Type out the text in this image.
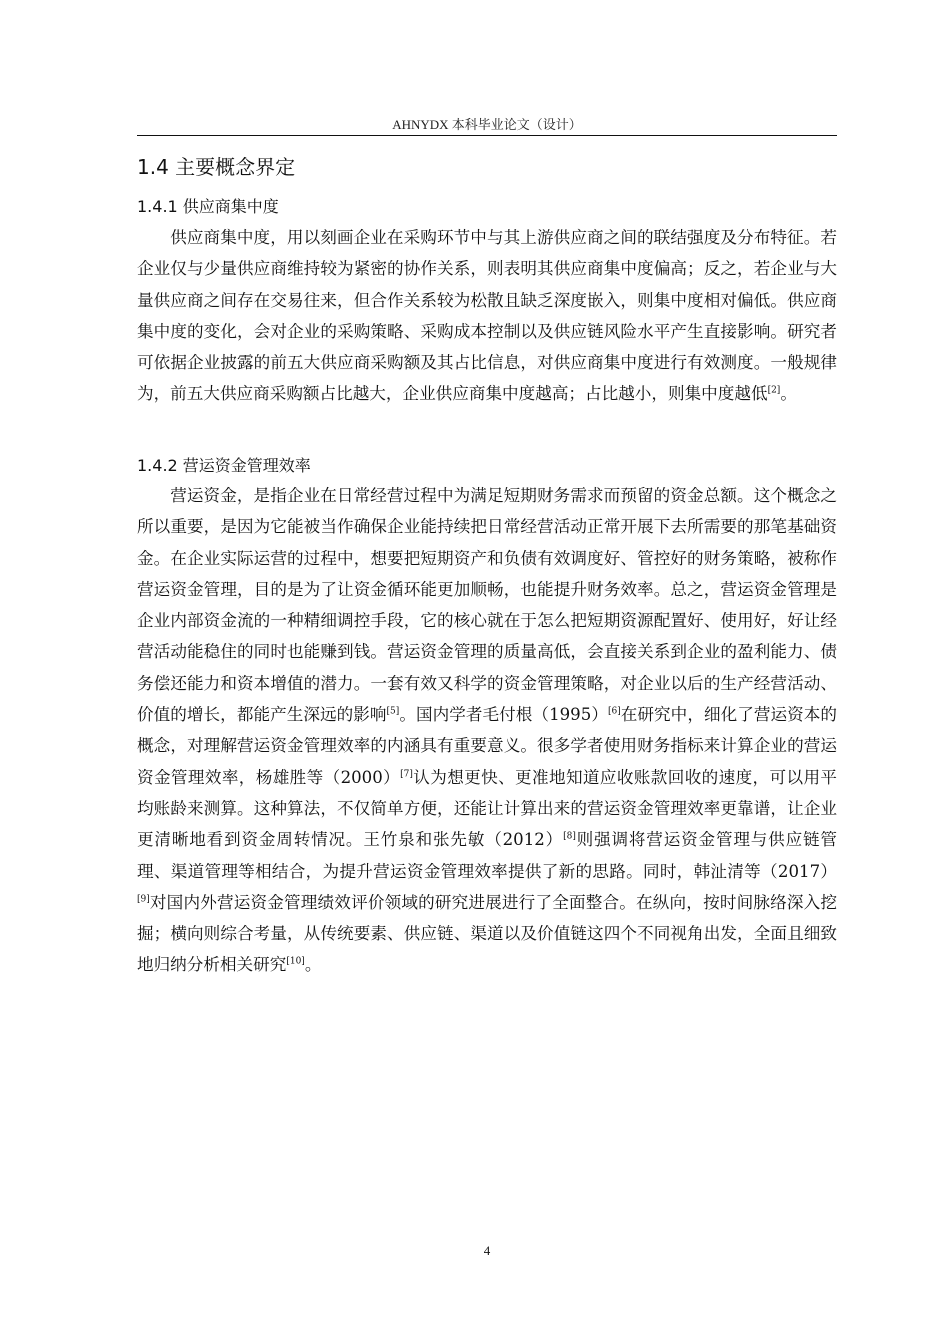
AHNYDX 本科毕业论文（设计）
1.4 主要概念界定
1.4.1 供应商集中度

供应商集中度，用以刻画企业在采购环节中与其上游供应商之间的联结强度及分布特征。若企业仅与少量供应商维持较为紧密的协作关系，则表明其供应商集中度偏高；反之，若企业与大量供应商之间存在交易往来，但合作关系较为松散且缺乏深度嵌入，则集中度相对偏低。供应商集中度的变化，会对企业的采购策略、采购成本控制以及供应链风险水平产生直接影响。研究者可依据企业披露的前五大供应商采购额及其占比信息，对供应商集中度进行有效测度。一般规律为，前五大供应商采购额占比越大，企业供应商集中度越高；占比越小，则集中度越低[2]。

1.4.2 营运资金管理效率

营运资金，是指企业在日常经营过程中为满足短期财务需求而预留的资金总额。这个概念之所以重要，是因为它能被当作确保企业能持续把日常经营活动正常开展下去所需要的那笔基础资金。在企业实际运营的过程中，想要把短期资产和负债有效调度好、管控好的财务策略，被称作营运资金管理，目的是为了让资金循环能更加顺畅，也能提升财务效率。总之，营运资金管理是企业内部资金流的一种精细调控手段，它的核心就在于怎么把短期资源配置好、使用好，好让经营活动能稳住的同时也能赚到钱。营运资金管理的质量高低，会直接关系到企业的盈利能力、债务偿还能力和资本增值的潜力。一套有效又科学的资金管理策略，对企业以后的生产经营活动、价值的增长，都能产生深远的影响[5]。国内学者毛付根（1995）[6]在研究中，细化了营运资本的概念，对理解营运资金管理效率的内涵具有重要意义。很多学者使用财务指标来计算企业的营运资金管理效率，杨雄胜等（2000）[7]认为想更快、更准地知道应收账款回收的速度，可以用平均账龄来测算。这种算法，不仅简单方便，还能让计算出来的营运资金管理效率更靠谱，让企业更清晰地看到资金周转情况。王竹泉和张先敏（2012）[8]则强调将营运资金管理与供应链管理、渠道管理等相结合，为提升营运资金管理效率提供了新的思路。同时，韩沚清等（2017）[9]对国内外营运资金管理绩效评价领域的研究进展进行了全面整合。在纵向，按时间脉络深入挖掘；横向则综合考量，从传统要素、供应链、渠道以及价值链这四个不同视角出发，全面且细致地归纳分析相关研究[10]。

4
